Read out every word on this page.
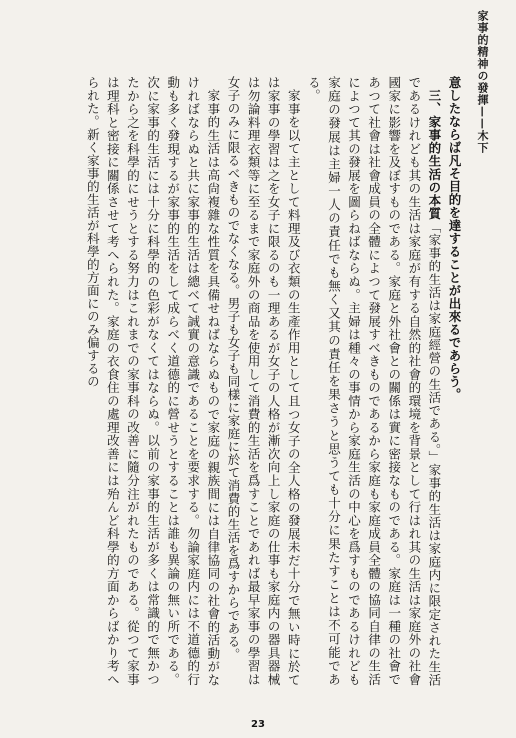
家事的精神の發揮——木下

意したならば凡そ目的を達することが出來るであらう。

三、家事的生活の本質「家事的生活は家庭經營の生活である。」家事的生活は家庭内に限定された生活であるけれども其の生活は家庭が有する自然的社會的環境を背景として行はれ其の生活は家庭外の社會國家に影響を及ぼすものである。家庭と外社會との關係は實に密接なものである。家庭は一種の社會であつて社會は社會成員の全體によつて發展すべきものであるから家庭も家庭成員全體の協同自律の生活によつて其の發展を圖らねばならぬ。主婦は種々の事情から家庭生活の中心を爲すものであるけれども家庭の發展は主婦一人の責任でも無く又其の責任を果さうと思うても十分に果たすことは不可能である。

家事を以て主として料理及び衣類の生產作用として且つ女子の全人格の發展未だ十分で無い時に於ては家事の學習は之を女子に限るのも一理あるが女子の人格が漸次向上し家庭の仕事も家庭内の器具器械は勿論料理衣類等に至るまで家庭外の商品を使用して消費的生活を爲すことであれば最早家事の學習は女子のみに限るべきものでなくなる。男子も女子も同樣に家庭に於て消費的生活を爲すからである。

家事的生活は高尙複雜な性質を具備せねばならぬもので家庭の親族間には自律協同の社會的活動がなければならぬと共に家事的生活は總べて誠實の意識であることを要求する。勿論家庭内には不道德的行動も多く發現するが家事的生活をして成らべく道德的に營せうとすることは誰も異論の無い所である。次に家事的生活には十分に科學的の色彩がなくてはならぬ。以前の家事的生活が多くは常識的で無かつたから之を科學的にせうとする努力はこれまでの家事科の改善に隨分注がれたものである。從つて家事は理科と密接に關係させて考へられた。家庭の衣食住の處理改善には殆んど科學的方面からばかり考へられた。新く家事的生活が科學的方面にのみ偏するの

23
